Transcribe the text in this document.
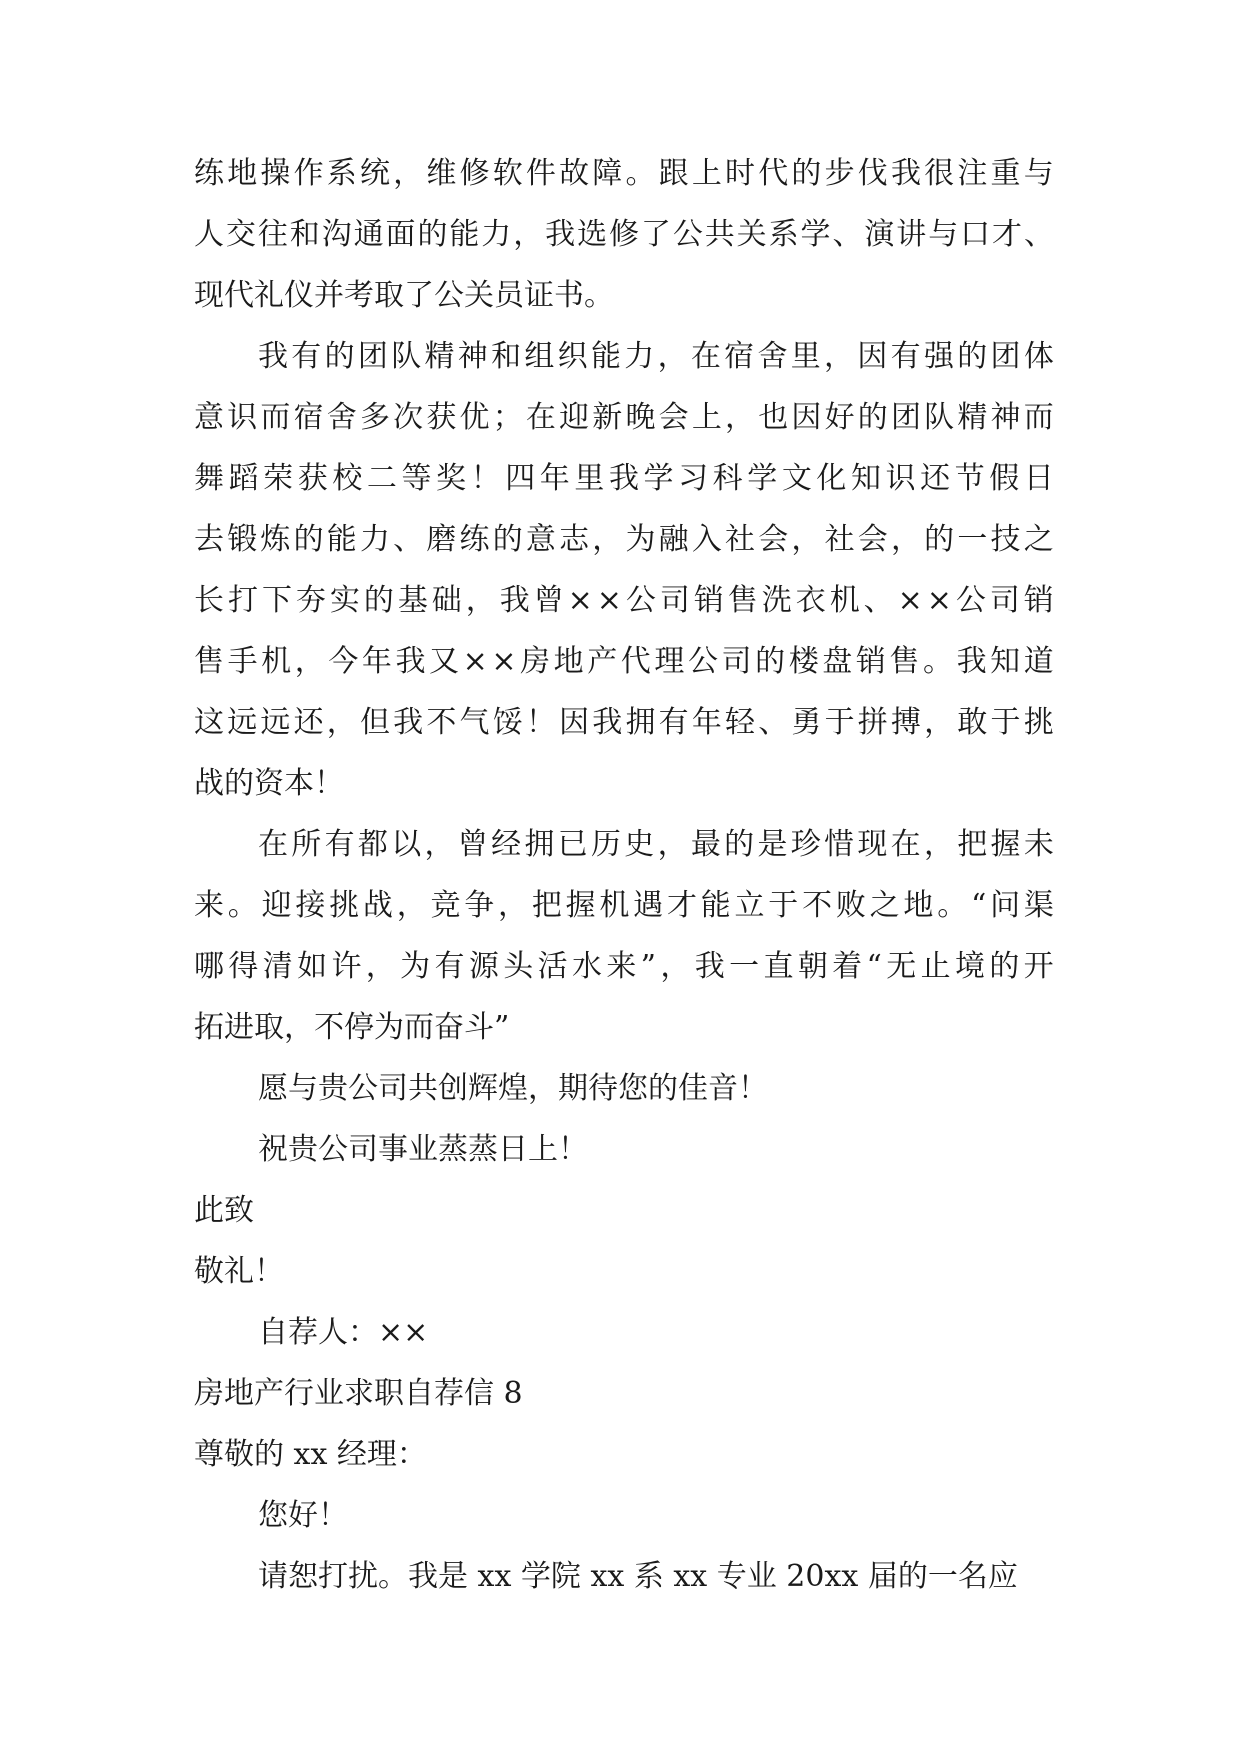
练 地 操 作 系 统 ， 维 修 软 件 故 障 。 跟 上 时 代 的 步 伐 我 很 注 重 与
人 交 往 和 沟 通 面 的 能 力 ， 我 选 修 了 公 共 关 系 学 、 演 讲 与 口 才 、
现代礼仪并考取了公关员证书。
我 有 的 团 队 精 神 和 组 织 能 力 ， 在 宿 舍 里 ， 因 有 强 的 团 体
意 识 而 宿 舍 多 次 获 优 ； 在 迎 新 晚 会 上 ， 也 因 好 的 团 队 精 神 而
舞 蹈 荣 获 校 二 等 奖 ！ 四 年 里 我 学 习 科 学 文 化 知 识 还 节 假 日
去 锻 炼 的 能 力 、 磨 练 的 意 志 ， 为 融 入 社 会 ， 社 会 ， 的 一 技 之
长 打 下 夯 实 的 基 础 ， 我 曾 × × 公 司 销 售 洗 衣 机 、 × × 公 司 销
售 手 机 ， 今 年 我 又 × × 房 地 产 代 理 公 司 的 楼 盘 销 售 。 我 知 道
这 远 远 还 ， 但 我 不 气 馁 ！ 因 我 拥 有 年 轻 、 勇 于 拼 搏 ， 敢 于 挑
战的资本！
在 所 有 都 以 ， 曾 经 拥 已 历 史 ， 最 的 是 珍 惜 现 在 ， 把 握 未
来 。 迎 接 挑 战 ， 竞 争 ， 把 握 机 遇 才 能 立 于 不 败 之 地 。 “ 问 渠
哪 得 清 如 许 ， 为 有 源 头 活 水 来 ” ， 我 一 直 朝 着 “ 无 止 境 的 开
拓进取，不停为而奋斗”
愿与贵公司共创辉煌，期待您的佳音！
祝贵公司事业蒸蒸日上！
此致
敬礼！
自荐人：××
房地产行业求职自荐信 8
尊敬的 xx 经理：
您好！
请恕打扰。我是 xx 学院 xx 系 xx 专业 20xx 届的一名应
